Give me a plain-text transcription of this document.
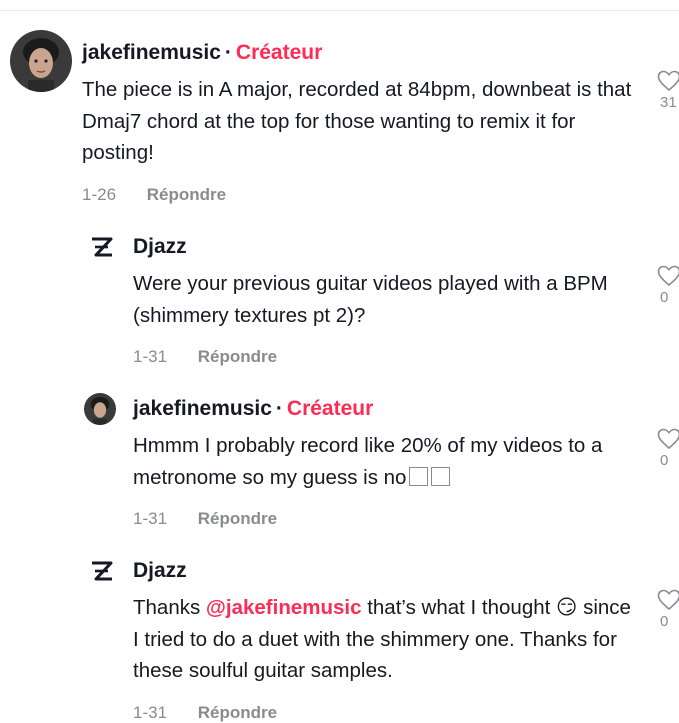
jakefinemusic · Créateur
The piece is in A major, recorded at 84bpm, downbeat is that Dmaj7 chord at the top for those wanting to remix it for posting!
1-26 Répondre
31
Djazz
Were your previous guitar videos played with a BPM (shimmery textures pt 2)?
1-31 Répondre
0
jakefinemusic · Créateur
Hmmm I probably record like 20% of my videos to a metronome so my guess is no
1-31 Répondre
0
Djazz
Thanks @jakefinemusic that’s what I thought 😏 since I tried to do a duet with the shimmery one. Thanks for these soulful guitar samples.
1-31 Répondre
0
